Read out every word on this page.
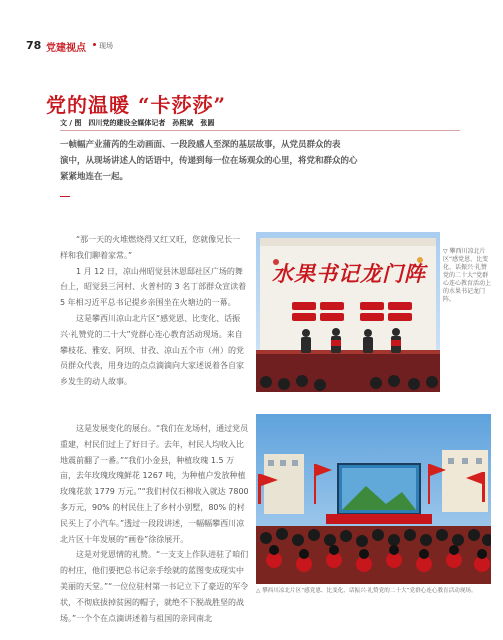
78 党建视点 现场
党的温暖 “卡莎莎”
文 / 图　四川党的建设全媒体记者　孙熙斌　张圆

一帧幅产业蒲芮的生动画面、一段段感人至深的基层故事，从党员群众的表

演中，从现场讲述人的话语中，传递到每一位在场观众的心里，将党和群众的心

紧紧地连在一起。

“那一天的火堆燃烧得又红又旺，您就像兄长一样和我们聊着家常。”

1 月 12 日，凉山州昭觉县沐恩邸社区广场的舞台上，昭觉县三河村、火普村的 3 名丁部群众宣读着 5 年相习近平总书记提乡亲围坐在火塘边的一幕。

这是攀西川凉山北片区“感党恩、比变化、话振兴·礼赞党的二十大”党群心连心教育活动现场。来自攀枝花、雅安、阿坝、甘孜、凉山五个市（州）的党员群众代表，用身边的点点滴滴向大家述说着各自家乡发生的动人故事。

这是发展变化的展台。“我们在龙场村，通过党员重建，村民们过上了好日子。去年，村民人均收入比地震前翻了一番。”“我们小金县，种植玫瑰 1.5 万亩，去年玫瑰玫瑰鲜花 1267 吨，为种植户发放种植玫瑰花款 1779 万元。”“我们村仅石棉收入就达 7800 多万元，90% 的村民住上了乡村小别墅，80% 的村民买上了小汽车。”透过一段段讲述，一幅幅攀西川凉北片区十年发展的“画卷”徐徐展开。

这是对党恩情的礼赞。“一支支上作队进驻了咱们的村庄，他们要把总书记亲手绘就的蓝图变成现实中美丽的天堂。”“一位位驻村第一书记立下了豪迈的军令状，不彻底拔掉贫困的帽子，就绝不下脱战胜坚的战场。”一个个在点滴讲述着与祖国的亲同南北

水果书记龙门阵
▽ 攀西川凉北片区“感党恩、比变化、话振兴·礼赞党的二十大”党群心连心教育活动上的水果书记龙门阵。
△ 攀西川凉北片区“感党恩、比变化、话振兴·礼赞党的二十大”党群心连心教育活动现场。
